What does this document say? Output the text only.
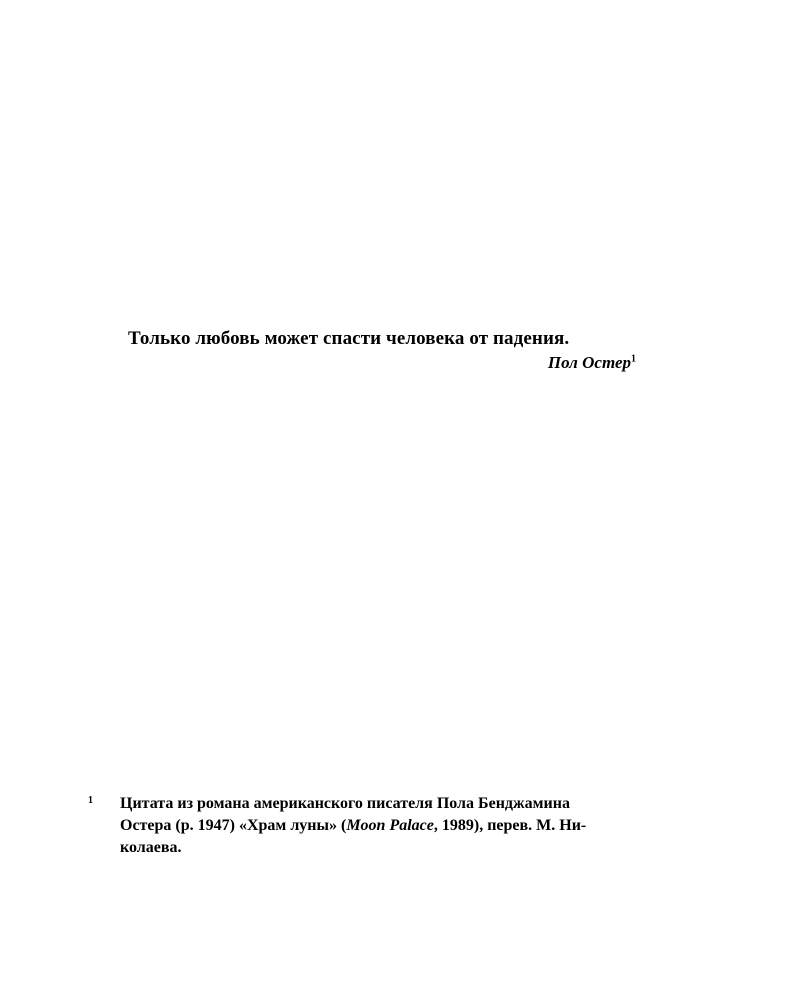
Только любовь может спасти человека от падения.
Пол Остер$^1$
1 Цитата из романа американского писателя Пола Бенджамина
Остера (р. 1947) «Храм луны» (Moon Palace, 1989), перев. М. Ни-
колаева.
